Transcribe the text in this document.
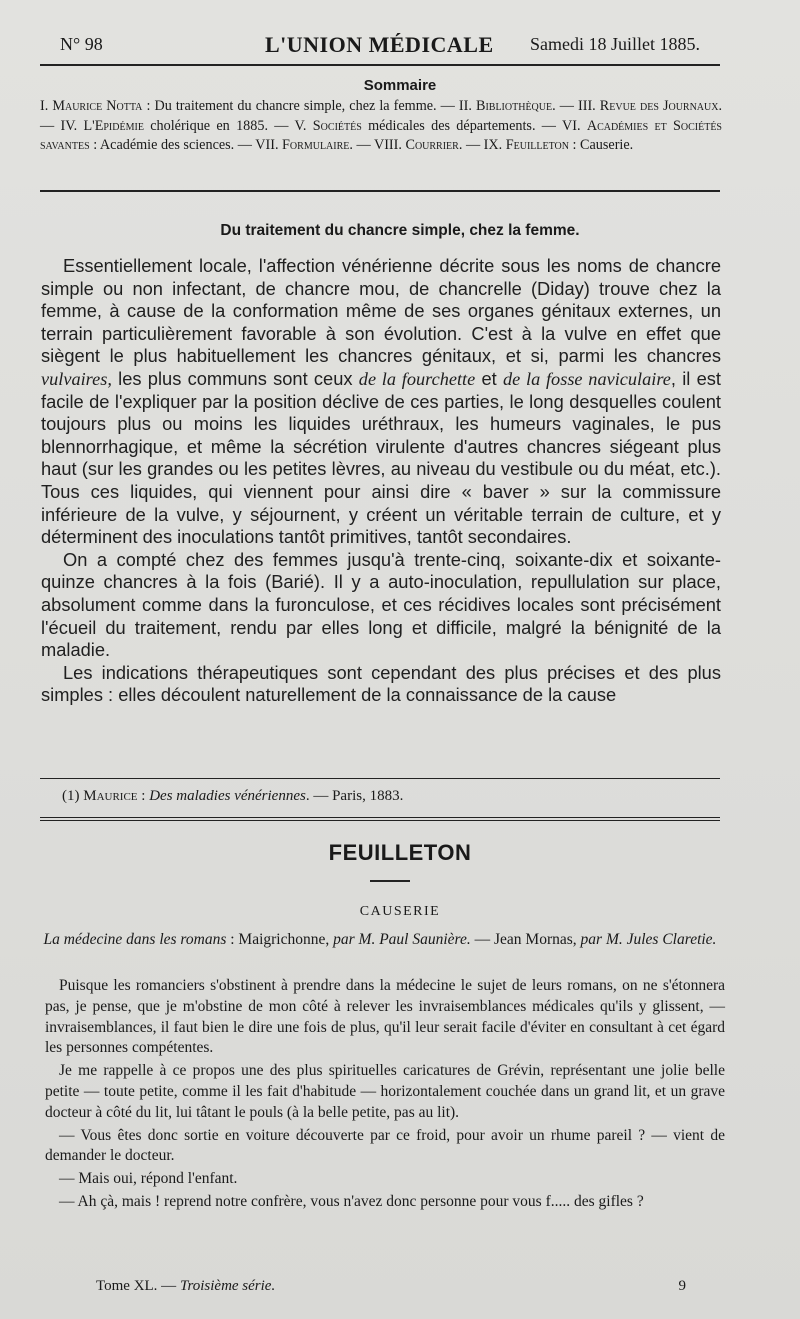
N° 98	L'UNION MÉDICALE Samedi 18 Juillet 1885.
Sommaire
I. Maurice Notta : Du traitement du chancre simple, chez la femme. — II. Bibliothèque. — III. Revue des Journaux. — IV. L'Epidémie cholérique en 1885. — V. Sociétés médicales des départements. — VI. Académies et Sociétés savantes : Académie des sciences. — VII. Formulaire. — VIII. Courrier. — IX. Feuilleton : Causerie.
Du traitement du chancre simple, chez la femme.

Essentiellement locale, l'affection vénérienne décrite sous les noms de chancre simple ou non infectant, de chancre mou, de chancrelle (Diday) trouve chez la femme, à cause de la conformation même de ses organes génitaux externes, un terrain particulièrement favorable à son évolution. C'est à la vulve en effet que siègent le plus habituellement les chancres génitaux, et si, parmi les chancres vulvaires, les plus communs sont ceux de la fourchette et de la fosse naviculaire, il est facile de l'expliquer par la position déclive de ces parties, le long desquelles coulent toujours plus ou moins les liquides uréthraux, les humeurs vaginales, le pus blennorrhagique, et même la sécrétion virulente d'autres chancres siégeant plus haut (sur les grandes ou les petites lèvres, au niveau du vestibule ou du méat, etc.). Tous ces liquides, qui viennent pour ainsi dire « baver » sur la commissure inférieure de la vulve, y séjournent, y créent un véritable terrain de culture, et y déterminent des inoculations tantôt primitives, tantôt secondaires.

On a compté chez des femmes jusqu'à trente-cinq, soixante-dix et soixante-quinze chancres à la fois (Barié). Il y a auto-inoculation, repullulation sur place, absolument comme dans la furonculose, et ces récidives locales sont précisément l'écueil du traitement, rendu par elles long et difficile, malgré la bénignité de la maladie.

Les indications thérapeutiques sont cependant des plus précises et des plus simples : elles découlent naturellement de la connaissance de la cause

(1) Maurice : Des maladies vénériennes. — Paris, 1883.
FEUILLETON
CAUSERIE
La médecine dans les romans : Maigrichonne, par M. Paul Saunière. — Jean Mornas, par M. Jules Claretie.

Puisque les romanciers s'obstinent à prendre dans la médecine le sujet de leurs romans, on ne s'étonnera pas, je pense, que je m'obstine de mon côté à relever les invraisemblances médicales qu'ils y glissent, — invraisemblances, il faut bien le dire une fois de plus, qu'il leur serait facile d'éviter en consultant à cet égard les personnes compétentes.

Je me rappelle à ce propos une des plus spirituelles caricatures de Grévin, représentant une jolie belle petite — toute petite, comme il les fait d'habitude — horizontalement couchée dans un grand lit, et un grave docteur à côté du lit, lui tâtant le pouls (à la belle petite, pas au lit).

— Vous êtes donc sortie en voiture découverte par ce froid, pour avoir un rhume pareil ? — vient de demander le docteur.

— Mais oui, répond l'enfant.

— Ah çà, mais ! reprend notre confrère, vous n'avez donc personne pour vous f..... des gifles ?

Tome XL. — Troisième série.	9
